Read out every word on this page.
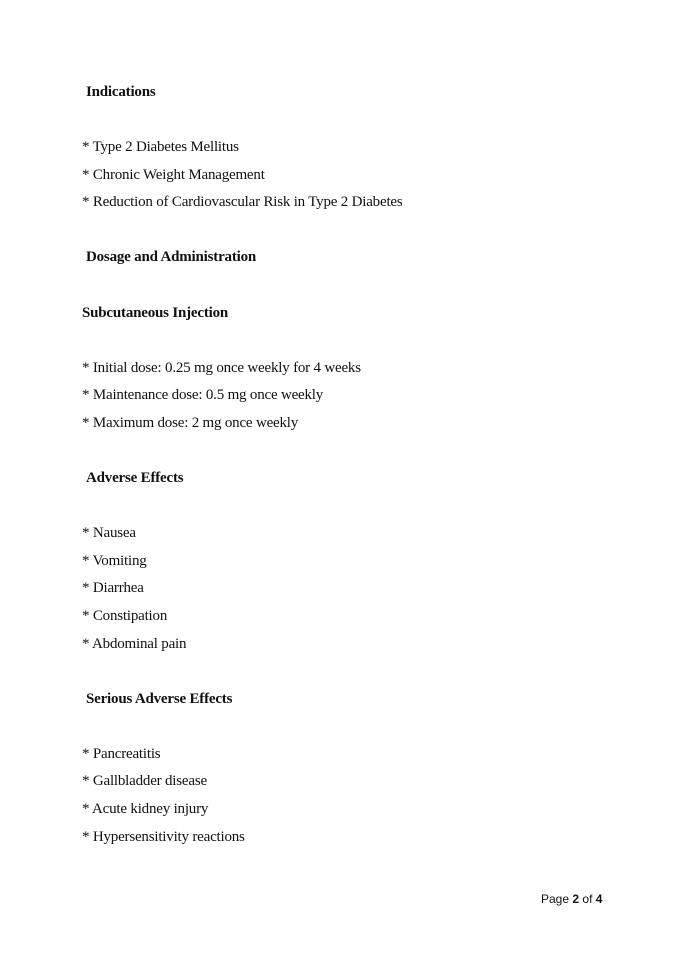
Indications
* Type 2 Diabetes Mellitus
* Chronic Weight Management
* Reduction of Cardiovascular Risk in Type 2 Diabetes
Dosage and Administration
Subcutaneous Injection
* Initial dose: 0.25 mg once weekly for 4 weeks
* Maintenance dose: 0.5 mg once weekly
* Maximum dose: 2 mg once weekly
Adverse Effects
* Nausea
* Vomiting
* Diarrhea
* Constipation
* Abdominal pain
Serious Adverse Effects
* Pancreatitis
* Gallbladder disease
* Acute kidney injury
* Hypersensitivity reactions
Page 2 of 4
